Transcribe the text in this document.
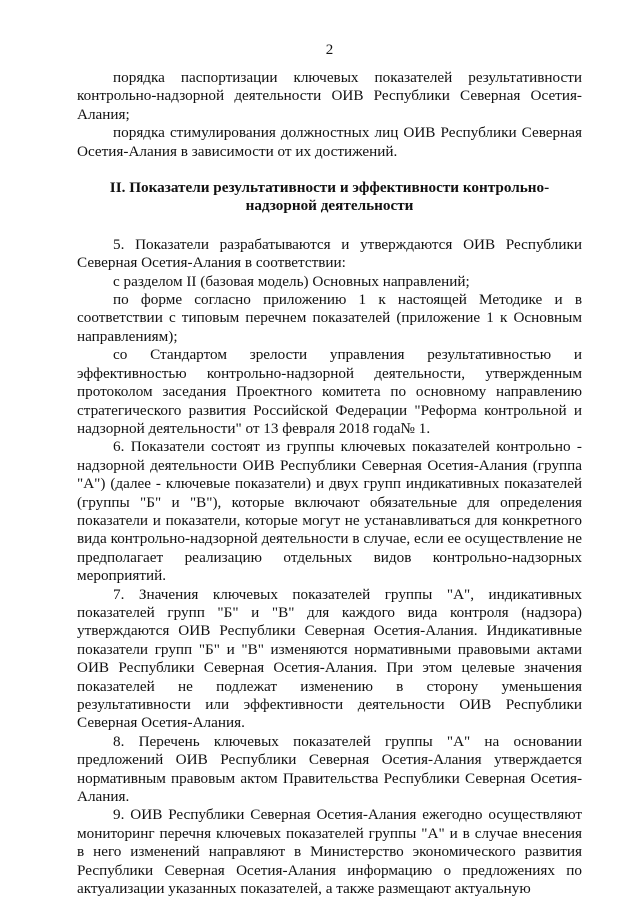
2

порядка паспортизации ключевых показателей результативности контрольно-надзорной деятельности ОИВ Республики Северная Осетия-Алания;

порядка стимулирования должностных лиц ОИВ Республики Северная Осетия-Алания в зависимости от их достижений.

II. Показатели результативности и эффективности контрольно-надзорной деятельности

5. Показатели разрабатываются и утверждаются ОИВ Республики Северная Осетия-Алания в соответствии:

с разделом II (базовая модель) Основных направлений;

по форме согласно приложению 1 к настоящей Методике и в соответствии с типовым перечнем показателей (приложение 1 к Основным направлениям);

со Стандартом зрелости управления результативностью и эффективностью контрольно-надзорной деятельности, утвержденным протоколом заседания Проектного комитета по основному направлению стратегического развития Российской Федерации "Реформа контрольной и надзорной деятельности" от 13 февраля 2018 года№ 1.

6. Показатели состоят из группы ключевых показателей контрольно - надзорной деятельности ОИВ Республики Северная Осетия-Алания (группа "А") (далее - ключевые показатели) и двух групп индикативных показателей (группы "Б" и "В"), которые включают обязательные для определения показатели и показатели, которые могут не устанавливаться для конкретного вида контрольно-надзорной деятельности в случае, если ее осуществление не предполагает реализацию отдельных видов контрольно-надзорных мероприятий.

7. Значения ключевых показателей группы "А", индикативных показателей групп "Б" и "В" для каждого вида контроля (надзора) утверждаются ОИВ Республики Северная Осетия-Алания. Индикативные показатели групп "Б" и "В" изменяются нормативными правовыми актами ОИВ Республики Северная Осетия-Алания. При этом целевые значения показателей не подлежат изменению в сторону уменьшения результативности или эффективности деятельности ОИВ Республики Северная Осетия-Алания.

8. Перечень ключевых показателей группы "А" на основании предложений ОИВ Республики Северная Осетия-Алания утверждается нормативным правовым актом Правительства Республики Северная Осетия-Алания.

9. ОИВ Республики Северная Осетия-Алания ежегодно осуществляют мониторинг перечня ключевых показателей группы "А" и в случае внесения в него изменений направляют в Министерство экономического развития Республики Северная Осетия-Алания информацию о предложениях по актуализации указанных показателей, а также размещают актуальную
